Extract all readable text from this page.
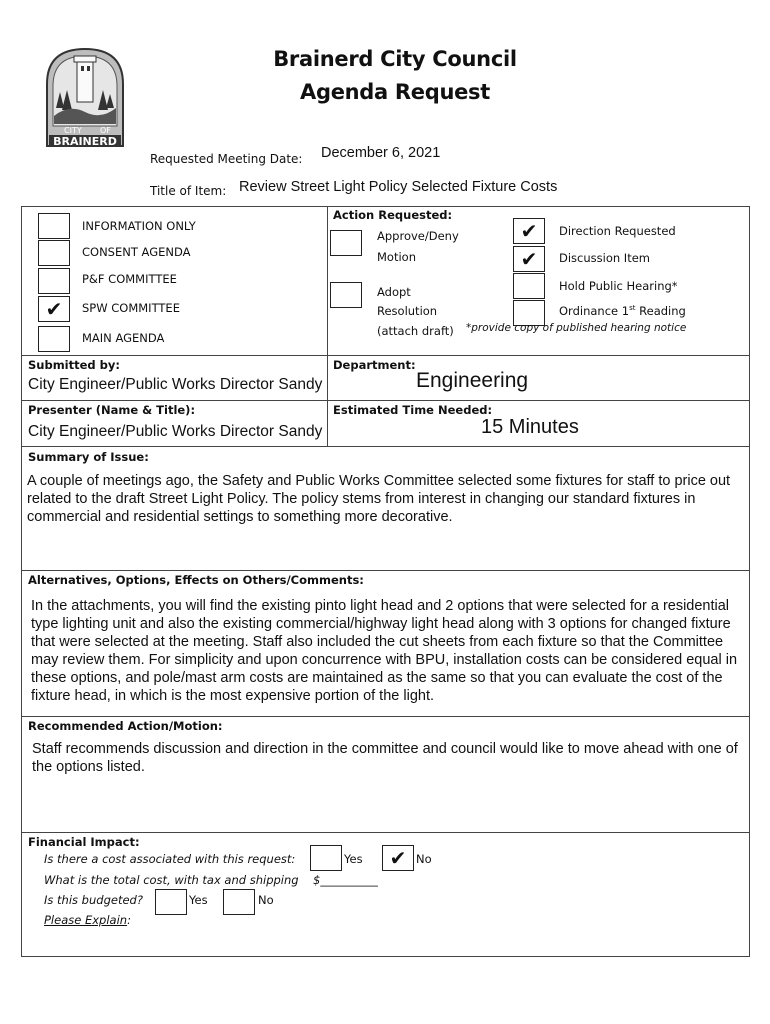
CITY OF
BRAINERD
Brainerd City Council
Agenda Request
Requested Meeting Date: December 6, 2021
Title of Item: Review Street Light Policy Selected Fixture Costs
INFORMATION ONLY
CONSENT AGENDA
P&F COMMITTEE
✔	SPW COMMITTEE
MAIN AGENDA
Action Requested:
Approve/Deny
Motion
Adopt
Resolution
(attach draft)
✔	Direction Requested
✔	Discussion Item
Hold Public Hearing*
Ordinance 1st Reading
*provide copy of published hearing notice
Submitted by:
City Engineer/Public Works Director Sandy
Department:
Engineering
Presenter (Name & Title):
City Engineer/Public Works Director Sandy
Estimated Time Needed:
15 Minutes
Summary of Issue:
A couple of meetings ago, the Safety and Public Works Committee selected some fixtures for staff to price out related to the draft Street Light Policy. The policy stems from interest in changing our standard fixtures in commercial and residential settings to something more decorative.
Alternatives, Options, Effects on Others/Comments:
In the attachments, you will find the existing pinto light head and 2 options that were selected for a residential type lighting unit and also the existing commercial/highway light head along with 3 options for changed fixture that were selected at the meeting. Staff also included the cut sheets from each fixture so that the Committee may review them. For simplicity and upon concurrence with BPU, installation costs can be considered equal in these options, and pole/mast arm costs are maintained as the same so that you can evaluate the cost of the fixture head, in which is the most expensive portion of the light.
Recommended Action/Motion:
Staff recommends discussion and direction in the committee and council would like to move ahead with one of the options listed.
Financial Impact:
Is there a cost associated with this request:	Yes	✔ No
What is the total cost, with tax and shipping $__________
Is this budgeted?	Yes	No
Please Explain:
